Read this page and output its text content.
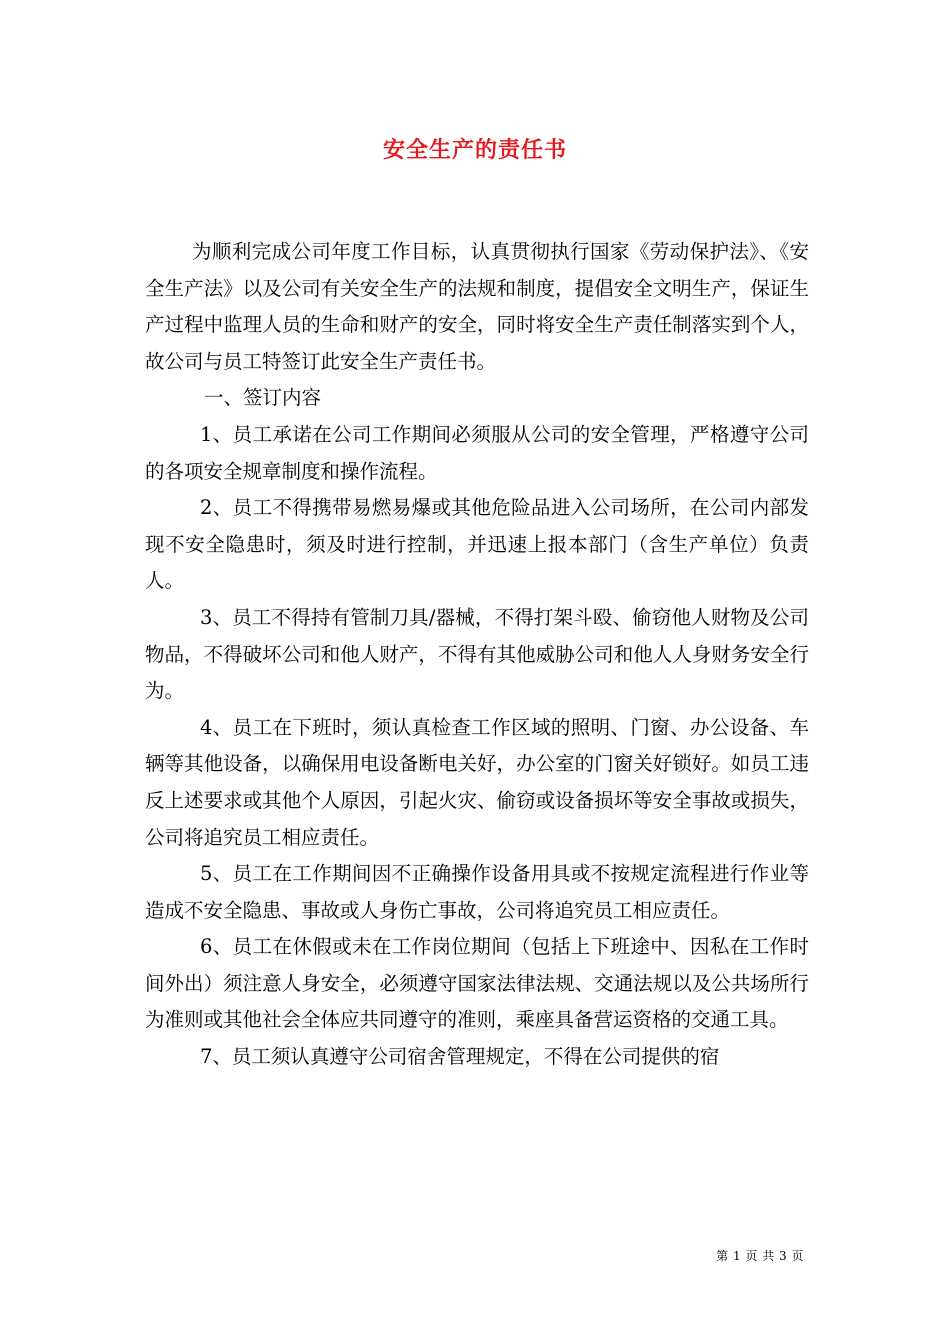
安全生产的责任书

为顺利完成公司年度工作目标，认真贯彻执行国家《劳动保护法》、《安全生产法》以及公司有关安全生产的法规和制度，提倡安全文明生产，保证生产过程中监理人员的生命和财产的安全，同时将安全生产责任制落实到个人，故公司与员工特签订此安全生产责任书。

一、签订内容

1、员工承诺在公司工作期间必须服从公司的安全管理，严格遵守公司的各项安全规章制度和操作流程。

2、员工不得携带易燃易爆或其他危险品进入公司场所，在公司内部发现不安全隐患时，须及时进行控制，并迅速上报本部门（含生产单位）负责人。

3、员工不得持有管制刀具/器械，不得打架斗殴、偷窃他人财物及公司物品，不得破坏公司和他人财产，不得有其他威胁公司和他人人身财务安全行为。

4、员工在下班时，须认真检查工作区域的照明、门窗、办公设备、车辆等其他设备，以确保用电设备断电关好，办公室的门窗关好锁好。如员工违反上述要求或其他个人原因，引起火灾、偷窃或设备损坏等安全事故或损失，公司将追究员工相应责任。

5、员工在工作期间因不正确操作设备用具或不按规定流程进行作业等造成不安全隐患、事故或人身伤亡事故，公司将追究员工相应责任。

6、员工在休假或未在工作岗位期间（包括上下班途中、因私在工作时间外出）须注意人身安全，必须遵守国家法律法规、交通法规以及公共场所行为准则或其他社会全体应共同遵守的准则，乘座具备营运资格的交通工具。

7、员工须认真遵守公司宿舍管理规定，不得在公司提供的宿

第 1 页 共 3 页
